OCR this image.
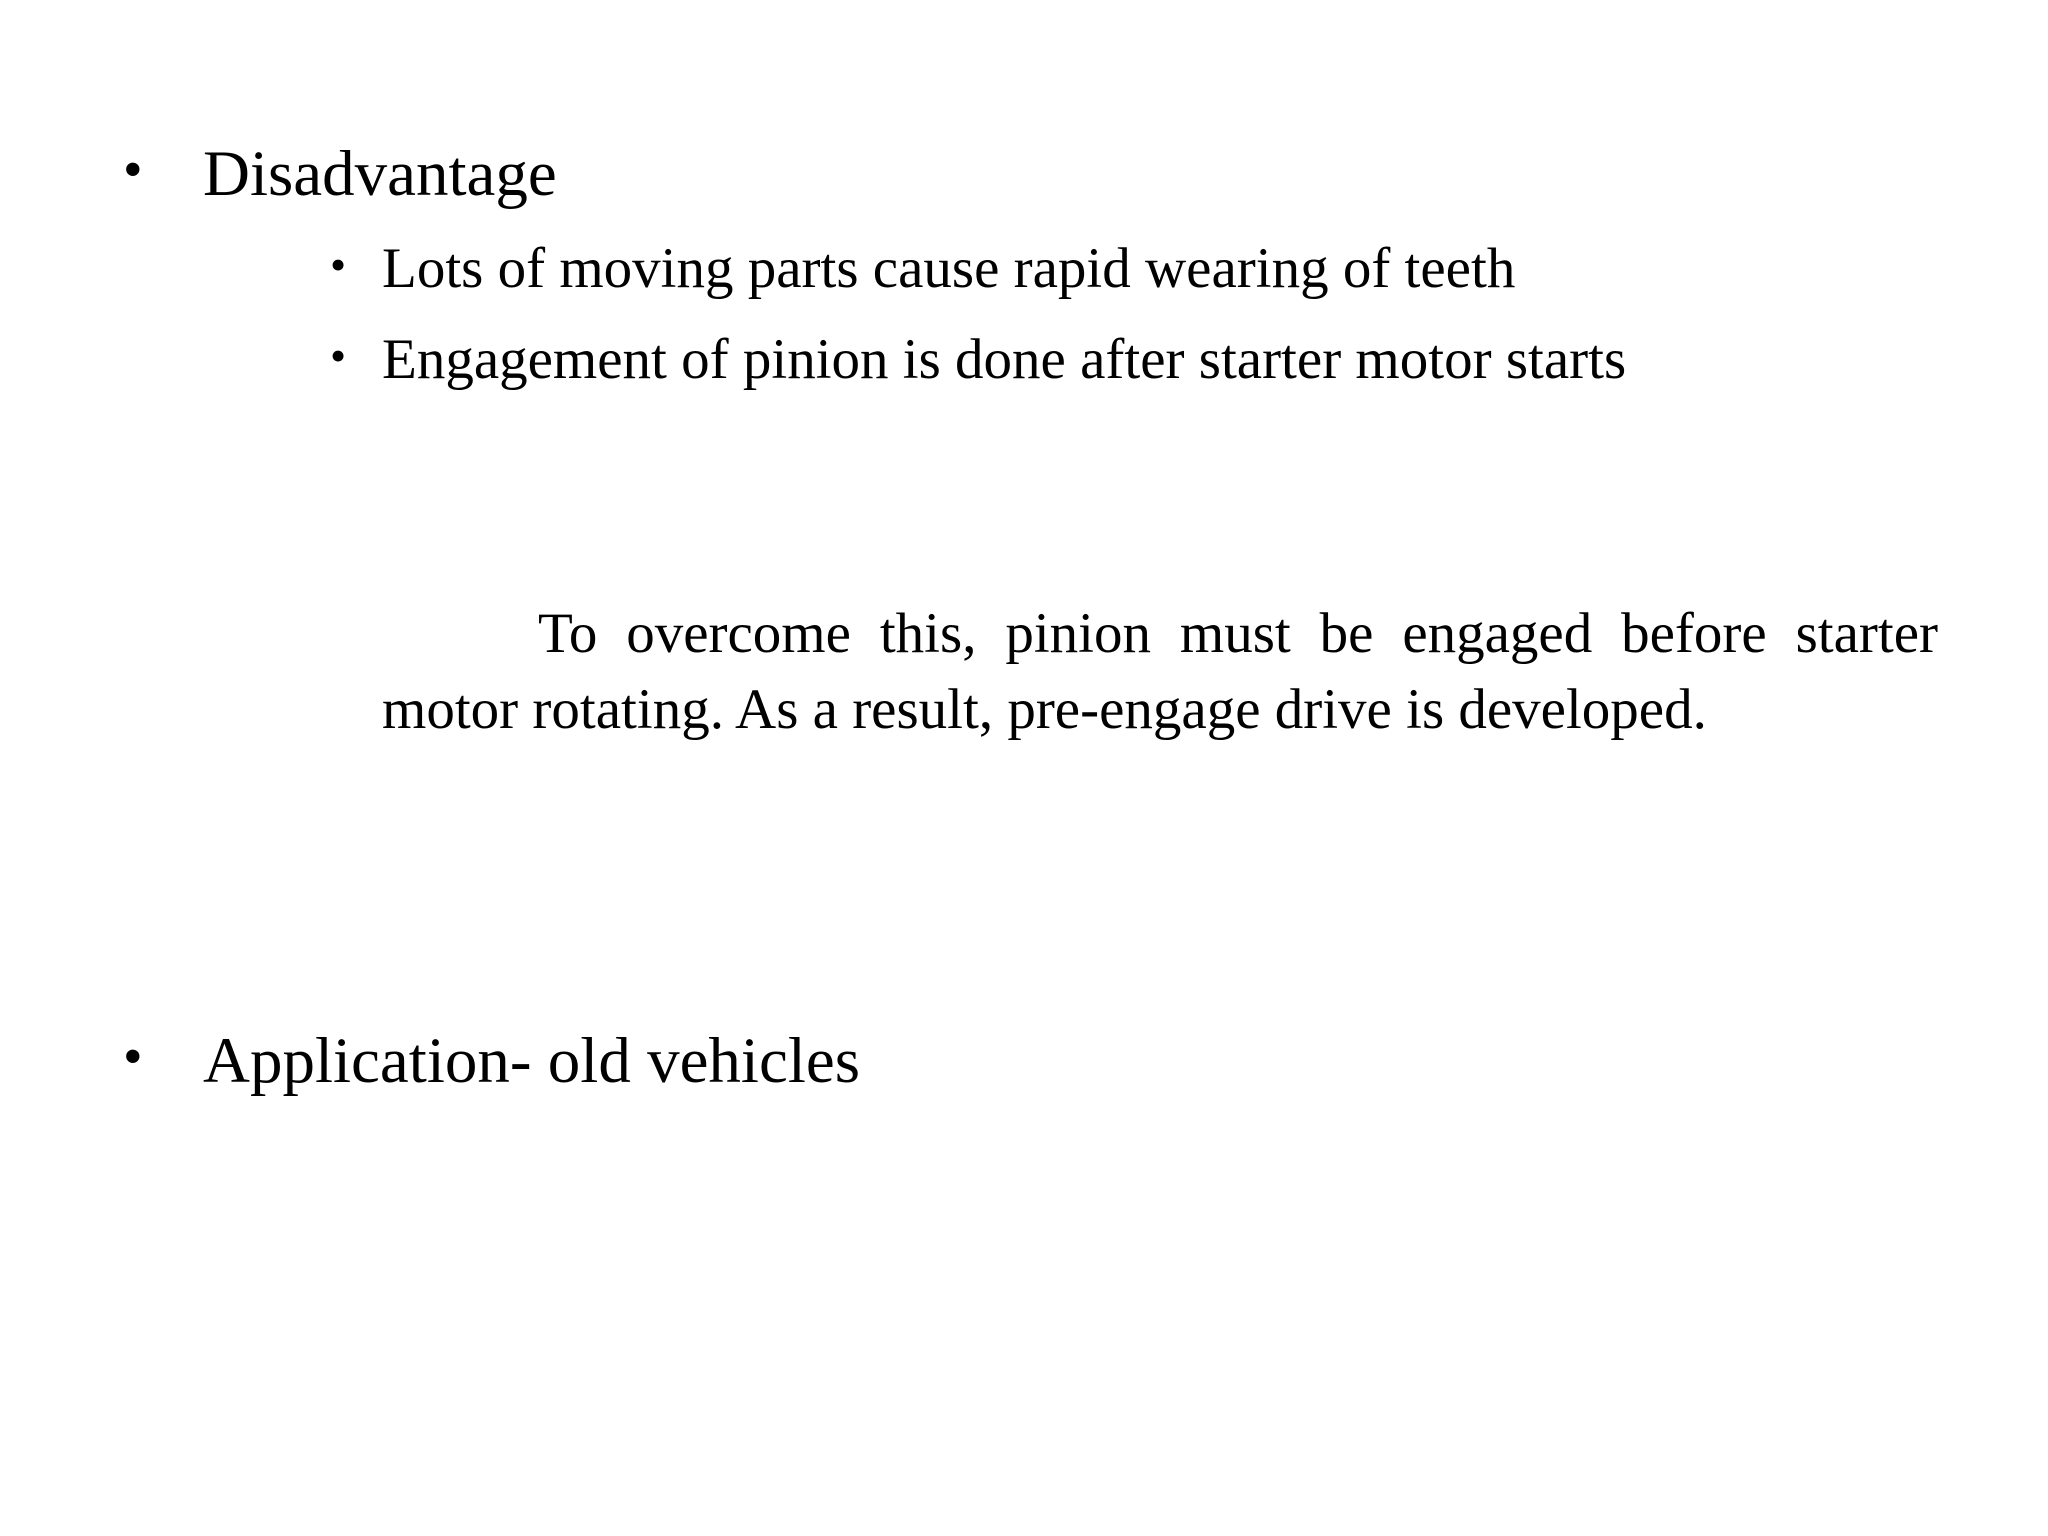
• Disadvantage
• Lots of moving parts cause rapid wearing of teeth
• Engagement of pinion is done after starter motor starts
To overcome this, pinion must be engaged before starter motor rotating. As a result, pre-engage drive is developed.
• Application- old vehicles
